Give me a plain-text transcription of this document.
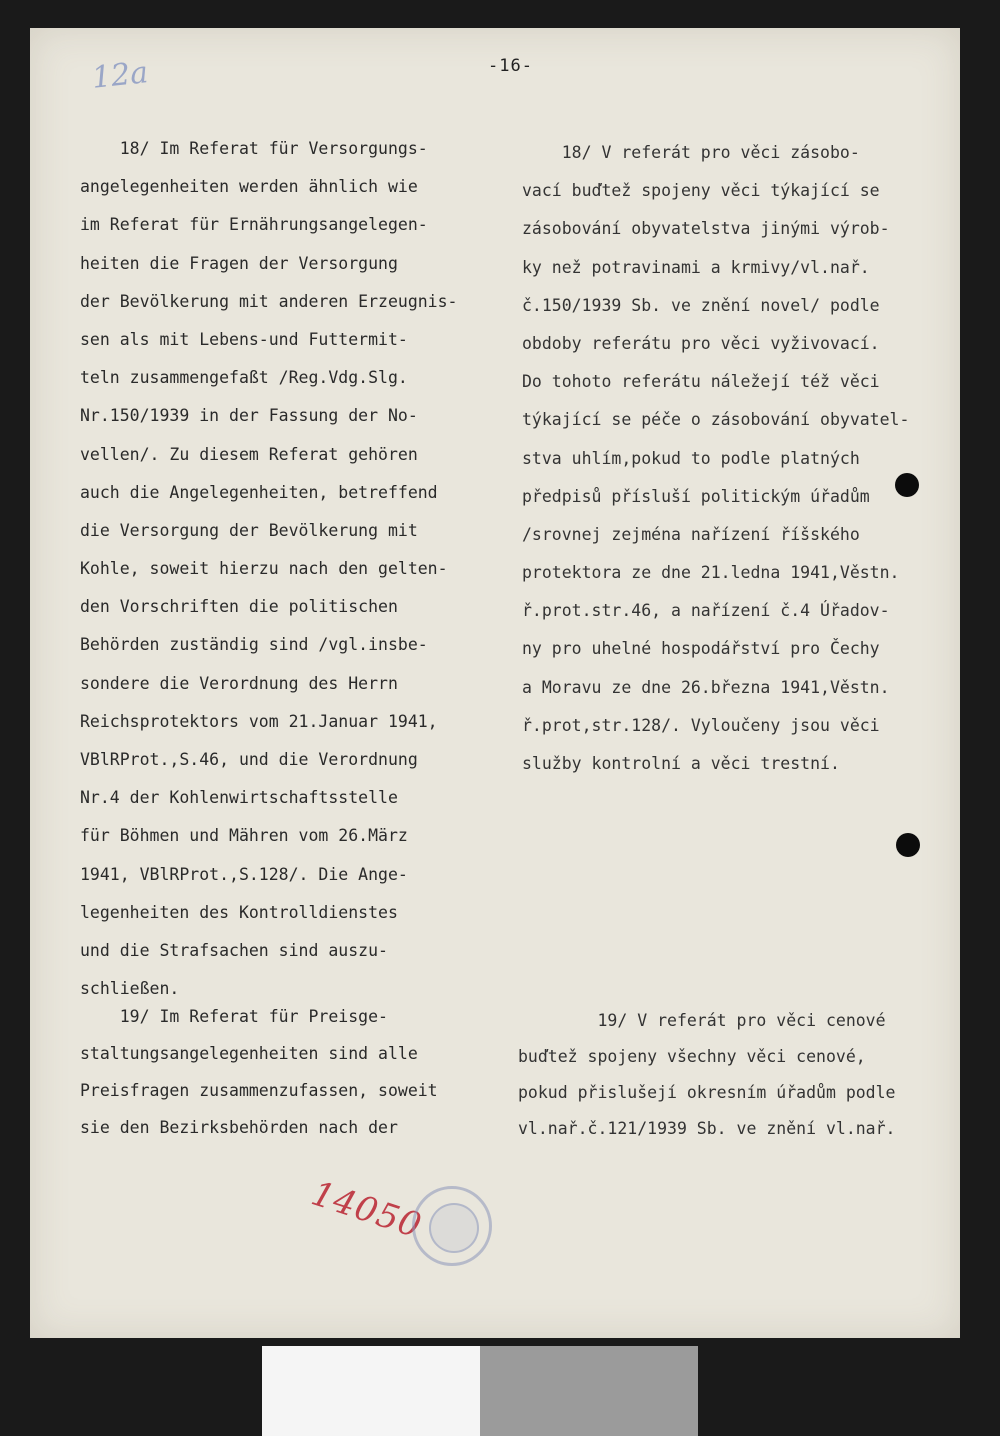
12a	-16-
18/ Im Referat für Versorgungs-
angelegenheiten werden ähnlich wie
im Referat für Ernährungsangelegen-
heiten die Fragen der Versorgung
der Bevölkerung mit anderen Erzeugnis-
sen als mit Lebens-und Futtermit-
teln zusammengefaßt /Reg.Vdg.Slg.
Nr.150/1939 in der Fassung der No-
vellen/. Zu diesem Referat gehören
auch die Angelegenheiten, betreffend
die Versorgung der Bevölkerung mit
Kohle, soweit hierzu nach den gelten-
den Vorschriften die politischen
Behörden zuständig sind /vgl.insbe-
sondere die Verordnung des Herrn
Reichsprotektors vom 21.Januar 1941,
VBlRProt.,S.46, und die Verordnung
Nr.4 der Kohlenwirtschaftsstelle
für Böhmen und Mähren vom 26.März
1941, VBlRProt.,S.128/. Die Ange-
legenheiten des Kontrolldienstes
und die Strafsachen sind auszu-
schließen.
18/ V referát pro věci zásobo-
vací buďtež spojeny věci týkající se
zásobování obyvatelstva jinými výrob-
ky než potravinami a krmivy/vl.nař.
č.150/1939 Sb. ve znění novel/ podle
obdoby referátu pro věci vyživovací.
Do tohoto referátu náležejí též věci
týkající se péče o zásobování obyvatel-
stva uhlím,pokud to podle platných
předpisů přísluší politickým úřadům
/srovnej zejména nařízení říšského
protektora ze dne 21.ledna 1941,Věstn.
ř.prot.str.46, a nařízení č.4 Úřadov-
ny pro uhelné hospodářství pro Čechy
a Moravu ze dne 26.března 1941,Věstn.
ř.prot,str.128/. Vyloučeny jsou věci
služby kontrolní a věci trestní.
19/ Im Referat für Preisge-
staltungsangelegenheiten sind alle
Preisfragen zusammenzufassen, soweit
sie den Bezirksbehörden nach der
19/ V referát pro věci cenové
buďtež spojeny všechny věci cenové,
pokud přislušejí okresním úřadům podle
vl.nař.č.121/1939 Sb. ve znění vl.nař.
14050
